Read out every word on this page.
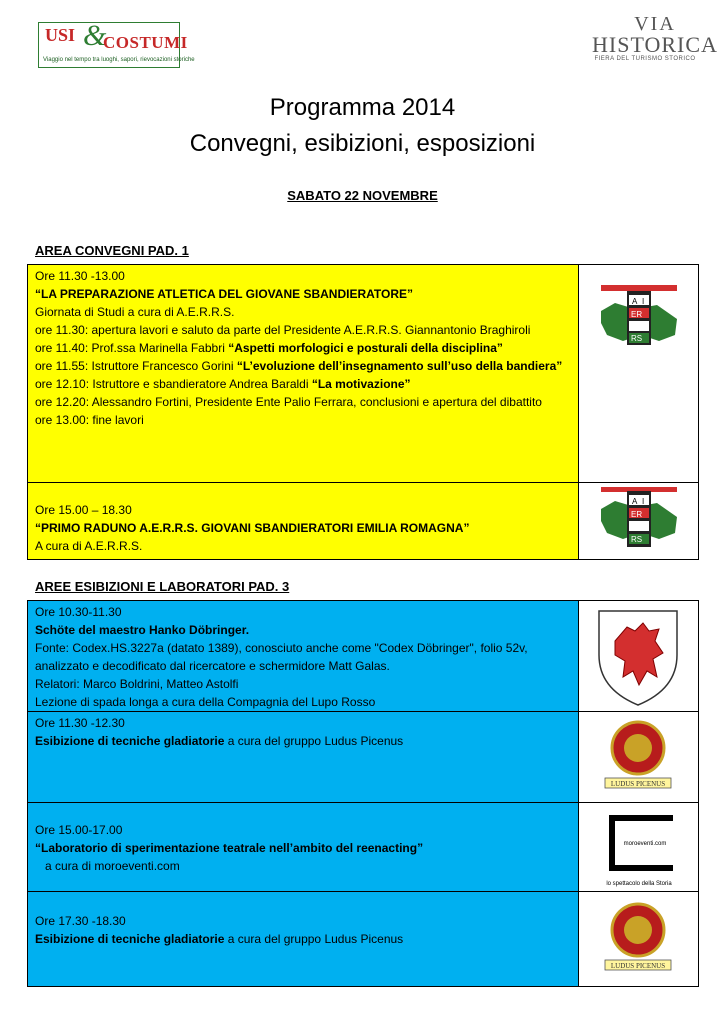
USI &
COSTUMI
Viaggio nel tempo tra luoghi, sapori, rievocazioni storiche
VIA
HISTORICA
FIERA DEL TURISMO STORICO
Programma 2014
Convegni, esibizioni, esposizioni
SABATO 22 NOVEMBRE
AREA CONVEGNI PAD. 1
Ore 11.30 -13.00
“LA PREPARAZIONE ATLETICA DEL GIOVANE SBANDIERATORE”
Giornata di Studi a cura di A.E.R.R.S.
ore 11.30: apertura lavori e saluto da parte del Presidente A.E.R.R.S. Giannantonio Braghiroli
ore 11.40: Prof.ssa Marinella Fabbri “Aspetti morfologici e posturali della disciplina”
ore 11.55: Istruttore Francesco Gorini “L’evoluzione dell’insegnamento sull’uso della bandiera”
ore 12.10: Istruttore e sbandieratore Andrea Baraldi “La motivazione”
ore 12.20: Alessandro Fortini, Presidente Ente Palio Ferrara, conclusioni e apertura del dibattito
ore 13.00: fine lavori
A I
ER
RS
Ore 15.00 – 18.30
“PRIMO RADUNO A.E.R.R.S. GIOVANI SBANDIERATORI EMILIA ROMAGNA”
A cura di A.E.R.R.S.
A I
ER
RS
AREE ESIBIZIONI E LABORATORI PAD. 3
Ore 10.30-11.30
Schöte del maestro Hanko Döbringer.
Fonte: Codex.HS.3227a (datato 1389), conosciuto anche come "Codex Döbringer", folio 52v, analizzato e decodificato dal ricercatore e schermidore Matt Galas.
Relatori: Marco Boldrini, Matteo Astolfi
Lezione di spada longa a cura della Compagnia del Lupo Rosso
Ore 11.30 -12.30
Esibizione di tecniche gladiatorie a cura del gruppo Ludus Picenus
LUDUS PICENUS
Ore 15.00-17.00
“Laboratorio di sperimentazione teatrale nell’ambito del reenacting”
a cura di moroeventi.com
moroeventi.com
lo spettacolo della Storia
Ore 17.30 -18.30
Esibizione di tecniche gladiatorie a cura del gruppo Ludus Picenus
LUDUS PICENUS
